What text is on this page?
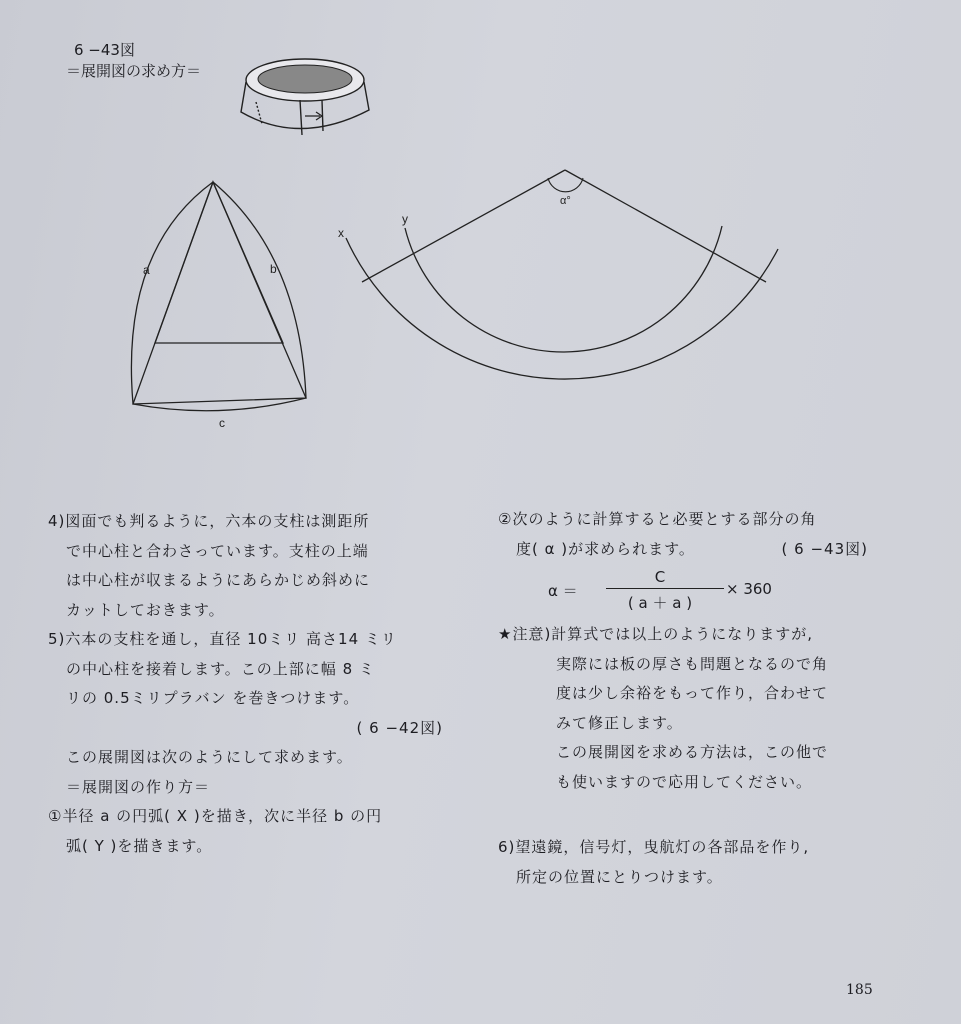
6 −43図
＝展開図の求め方＝
a	b
c
x
y
α°
4)図面でも判るように，六本の支柱は測距所
で中心柱と合わさっています。支柱の上端
は中心柱が収まるようにあらかじめ斜めに
カットしておきます。
5)六本の支柱を通し，直径 10ミリ 高さ14 ミリ
の中心柱を接着します。この上部に幅 8 ミ
リの 0.5ミリプラバン を巻きつけます。
( 6 −42図)
この展開図は次のようにして求めます。
＝展開図の作り方＝
①半径 a の円弧( X )を描き，次に半径 b の円
弧( Y )を描きます。
②次のように計算すると必要とする部分の角
度( α )が求められます。	( 6 −43図)
α ＝
C
( a ＋ a )
× 360
★注意)計算式では以上のようになりますが,
実際には板の厚さも問題となるので角
度は少し余裕をもって作り，合わせて
みて修正します。
この展開図を求める方法は，この他で
も使いますので応用してください。
6)望遠鏡，信号灯，曳航灯の各部品を作り,
所定の位置にとりつけます。
185
